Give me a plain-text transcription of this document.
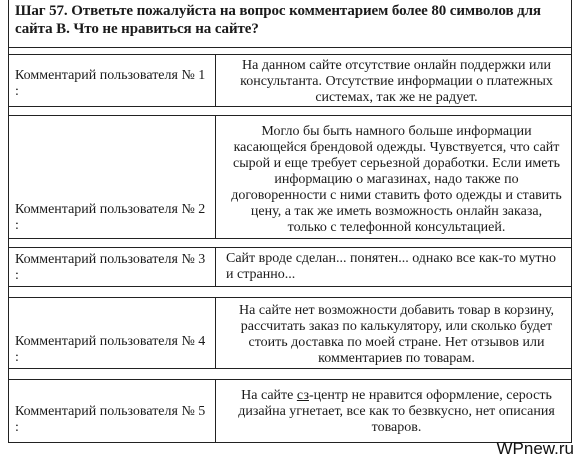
Шаг 57. Ответьте пожалуйста на вопрос комментарием более 80 символов для сайта В. Что не нравиться на сайте?
Комментарий пользователя № 1 :
На данном сайте отсутствие онлайн поддержки или консультанта. Отсутствие информации о платежных системах, так же не радует.
Комментарий пользователя № 2 :
Могло бы быть намного больше информации касающейся брендовой одежды. Чувствуется, что сайт сырой и еще требует серьезной доработки. Если иметь информацию о магазинах, надо также по договоренности с ними ставить фото одежды и ставить цену, а так же иметь возможность онлайн заказа, только с телефонной консультацией.
Комментарий пользователя № 3 :
Сайт вроде сделан... понятен... однако все как-то мутно и странно...
Комментарий пользователя № 4 :
На сайте нет возможности добавить товар в корзину, рассчитать заказ по калькулятору, или сколько будет стоить доставка по моей стране. Нет отзывов или комментариев по товарам.
Комментарий пользователя № 5 :
На сайте сз-центр не нравится оформление, серость дизайна угнетает, все как то безвкусно, нет описания товаров.
WPnew.ru
